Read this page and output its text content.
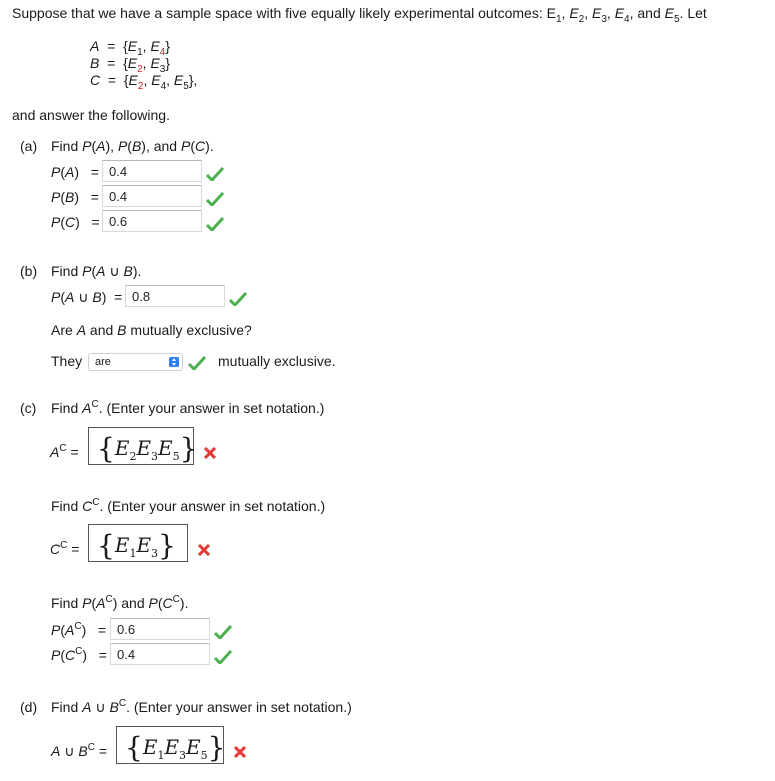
Suppose that we have a sample space with five equally likely experimental outcomes: $E_1$, $E_2$, $E_3$, $E_4$, and $E_5$. Let
$A = \{E_1$, $E_4$}
$B = \{E_2$, $E_3$}
$C = \{E_2$, $E_4$, $E_5$},
and answer the following.
(a) Find P(A), P(B), and P(C).
P(A)   = 0.4
P(B)   = 0.4
P(C)   = 0.6
(b) Find P(A ∪ B).
P(A ∪ B)  = 0.8
Are A and B mutually exclusive?
They	are	mutually exclusive.
(c) Find $A^C$. (Enter your answer in set notation.)
$A^C = \{E_2E_3E_5\}$
Find $C^C$. (Enter your answer in set notation.)
$C^C = \{E_1E_3\}$
Find $P(A^C)$ and $P(C^C)$.
$P(A^C) = 0.6$
$P(C^C) = 0.4$
(d) Find A ∪ $B^C$. (Enter your answer in set notation.)
A ∪ $B^C = \{E_1E_3E_5\}$
